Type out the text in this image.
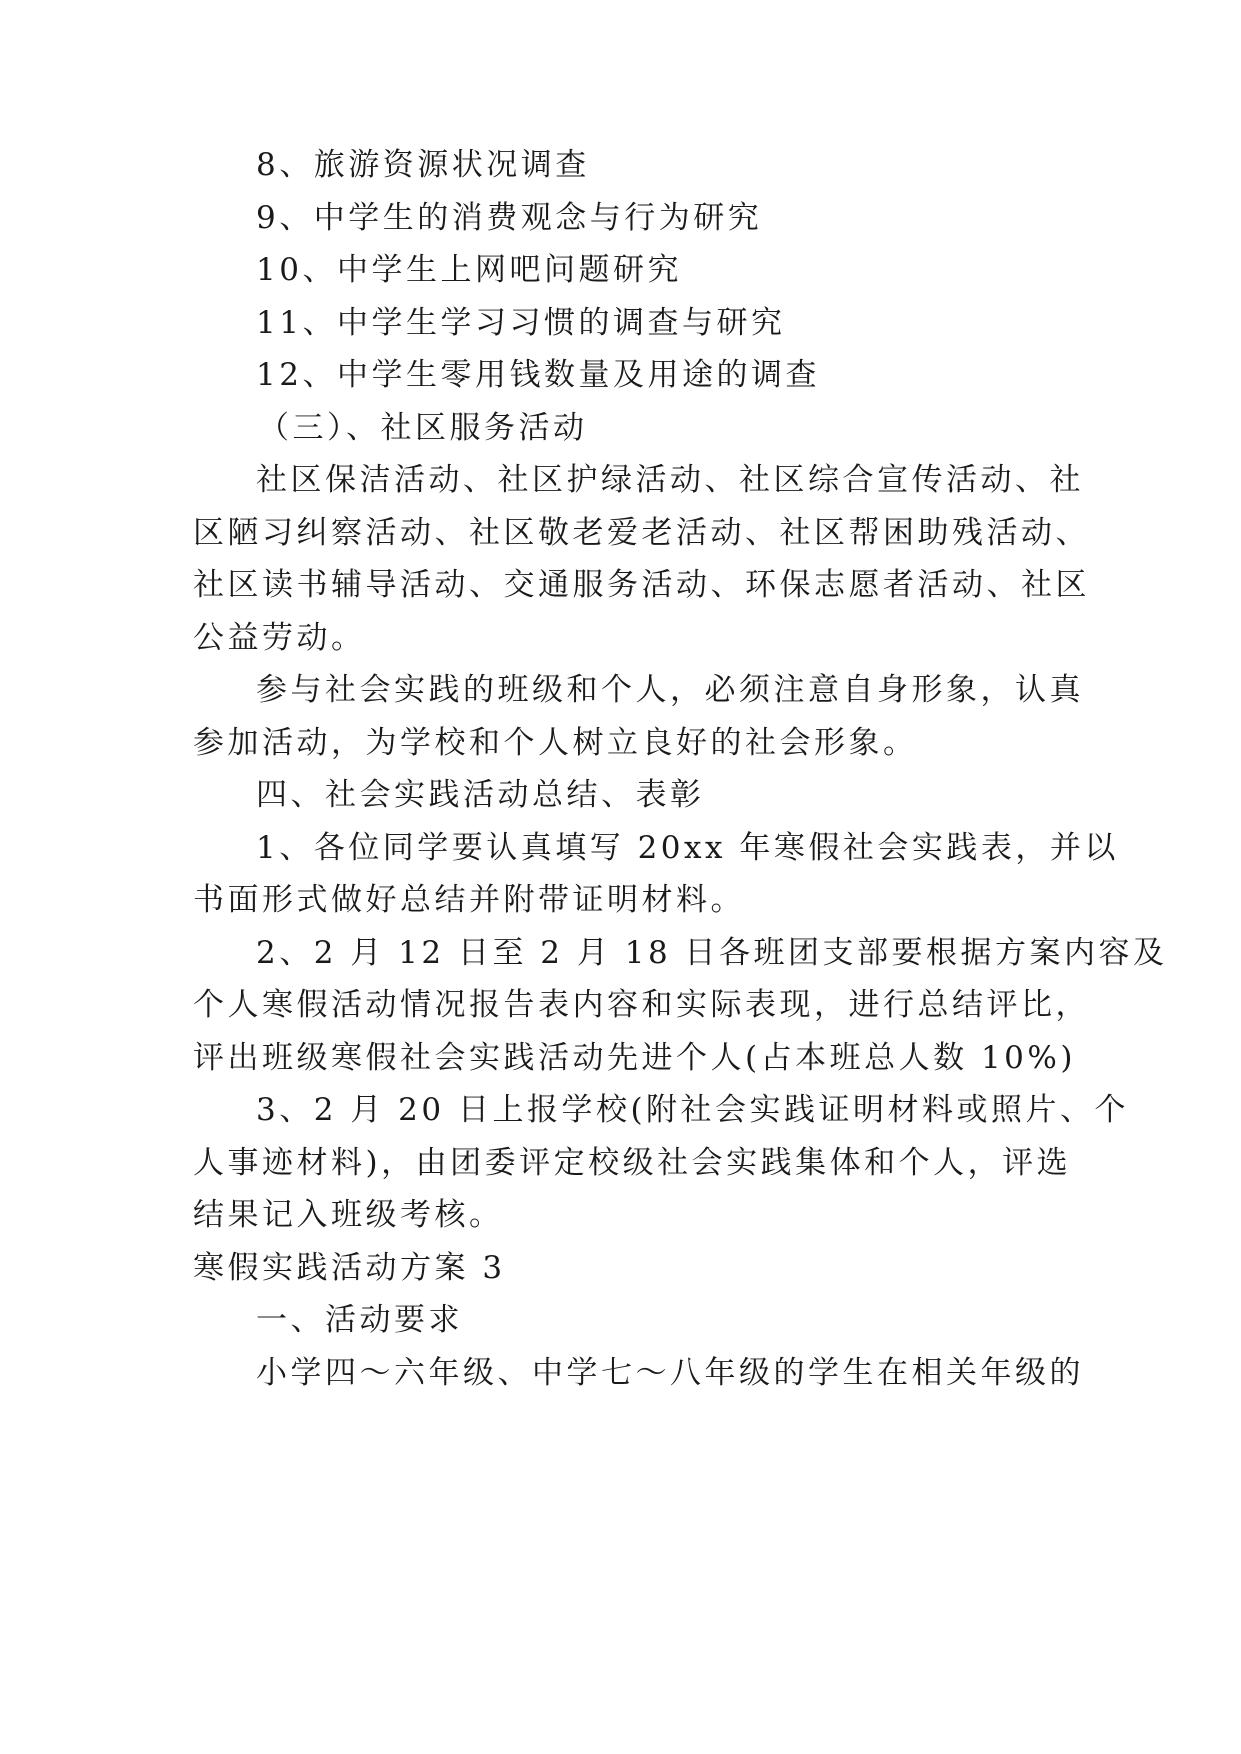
8、旅游资源状况调查

9、中学生的消费观念与行为研究

10、中学生上网吧问题研究

11、中学生学习习惯的调查与研究

12、中学生零用钱数量及用途的调查

（三）、社区服务活动

社区保洁活动、社区护绿活动、社区综合宣传活动、社

区陋习纠察活动、社区敬老爱老活动、社区帮困助残活动、

社区读书辅导活动、交通服务活动、环保志愿者活动、社区

公益劳动。

参与社会实践的班级和个人，必须注意自身形象，认真

参加活动，为学校和个人树立良好的社会形象。

四、社会实践活动总结、表彰

1、各位同学要认真填写 20xx 年寒假社会实践表，并以

书面形式做好总结并附带证明材料。

2、2 月 12 日至 2 月 18 日各班团支部要根据方案内容及

个人寒假活动情况报告表内容和实际表现，进行总结评比，

评出班级寒假社会实践活动先进个人(占本班总人数 10%)

3、2 月 20 日上报学校(附社会实践证明材料或照片、个

人事迹材料)，由团委评定校级社会实践集体和个人，评选

结果记入班级考核。

寒假实践活动方案 3

一、活动要求

小学四～六年级、中学七～八年级的学生在相关年级的
